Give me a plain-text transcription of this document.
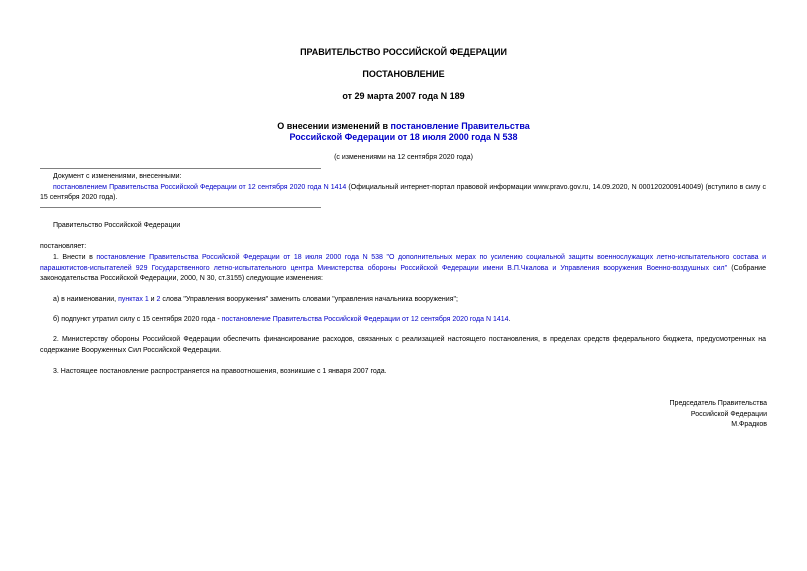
ПРАВИТЕЛЬСТВО РОССИЙСКОЙ ФЕДЕРАЦИИ
ПОСТАНОВЛЕНИЕ
от 29 марта 2007 года N 189
О внесении изменений в постановление Правительства
Российской Федерации от 18 июля 2000 года N 538
(с изменениями на 12 сентября 2020 года)
Документ с изменениями, внесенными:
постановлением Правительства Российской Федерации от 12 сентября 2020 года N 1414 (Официальный интернет-портал правовой информации www.pravo.gov.ru, 14.09.2020, N 0001202009140049) (вступило в силу с 15 сентября 2020 года).
Правительство Российской Федерации
постановляет:
1. Внести в постановление Правительства Российской Федерации от 18 июля 2000 года N 538 "О дополнительных мерах по усилению социальной защиты военнослужащих летно-испытательного состава и парашютистов-испытателей 929 Государственного летно-испытательного центра Министерства обороны Российской Федерации имени В.П.Чкалова и Управления вооружения Военно-воздушных сил" (Собрание законодательства Российской Федерации, 2000, N 30, ст.3155) следующие изменения:
а) в наименовании, пунктах 1 и 2 слова "Управления вооружения" заменить словами "управления начальника вооружения";
б) подпункт утратил силу с 15 сентября 2020 года - постановление Правительства Российской Федерации от 12 сентября 2020 года N 1414.
2. Министерству обороны Российской Федерации обеспечить финансирование расходов, связанных с реализацией настоящего постановления, в пределах средств федерального бюджета, предусмотренных на содержание Вооруженных Сил Российской Федерации.
3. Настоящее постановление распространяется на правоотношения, возникшие с 1 января 2007 года.
Председатель Правительства
Российской Федерации
М.Фрадков
